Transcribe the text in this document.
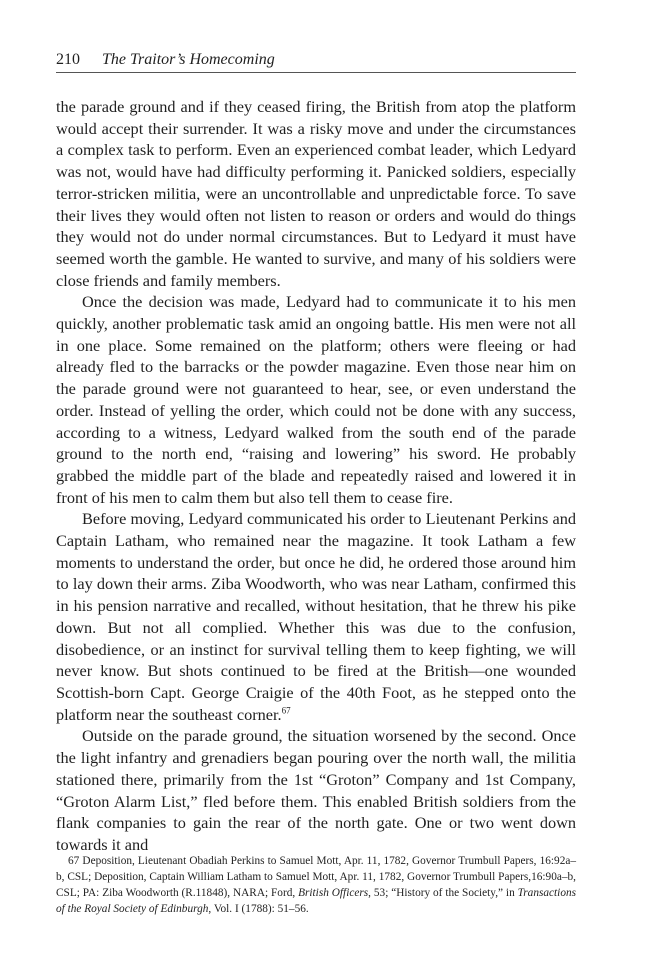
210 The Traitor’s Homecoming

the parade ground and if they ceased firing, the British from atop the platform would accept their surrender. It was a risky move and under the circumstances a complex task to perform. Even an experienced combat leader, which Ledyard was not, would have had difficulty performing it. Panicked soldiers, especially terror-stricken militia, were an uncontrollable and unpredictable force. To save their lives they would often not listen to reason or orders and would do things they would not do under normal circumstances. But to Ledyard it must have seemed worth the gamble. He wanted to survive, and many of his soldiers were close friends and family members.

Once the decision was made, Ledyard had to communicate it to his men quickly, another problematic task amid an ongoing battle. His men were not all in one place. Some remained on the platform; others were fleeing or had already fled to the barracks or the powder magazine. Even those near him on the parade ground were not guaranteed to hear, see, or even understand the order. Instead of yelling the order, which could not be done with any success, according to a witness, Ledyard walked from the south end of the parade ground to the north end, “raising and lowering” his sword. He probably grabbed the middle part of the blade and repeatedly raised and lowered it in front of his men to calm them but also tell them to cease fire.

Before moving, Ledyard communicated his order to Lieutenant Perkins and Captain Latham, who remained near the magazine. It took Latham a few moments to understand the order, but once he did, he ordered those around him to lay down their arms. Ziba Woodworth, who was near Latham, confirmed this in his pension narrative and recalled, without hesitation, that he threw his pike down. But not all complied. Whether this was due to the confusion, disobedience, or an instinct for survival telling them to keep fighting, we will never know. But shots continued to be fired at the British—one wounded Scottish-born Capt. George Craigie of the 40th Foot, as he stepped onto the platform near the southeast corner.$^{67}$

Outside on the parade ground, the situation worsened by the second. Once the light infantry and grenadiers began pouring over the north wall, the militia stationed there, primarily from the 1st “Groton” Company and 1st Company, “Groton Alarm List,” fled before them. This enabled British soldiers from the flank companies to gain the rear of the north gate. One or two went down towards it and

67 Deposition, Lieutenant Obadiah Perkins to Samuel Mott, Apr. 11, 1782, Governor Trumbull Papers, 16:92a–b, CSL; Deposition, Captain William Latham to Samuel Mott, Apr. 11, 1782, Governor Trumbull Papers,16:90a–b, CSL; PA: Ziba Woodworth (R.11848), NARA; Ford, British Officers, 53; “History of the Society,” in Transactions of the Royal Society of Edinburgh, Vol. I (1788): 51–56.
